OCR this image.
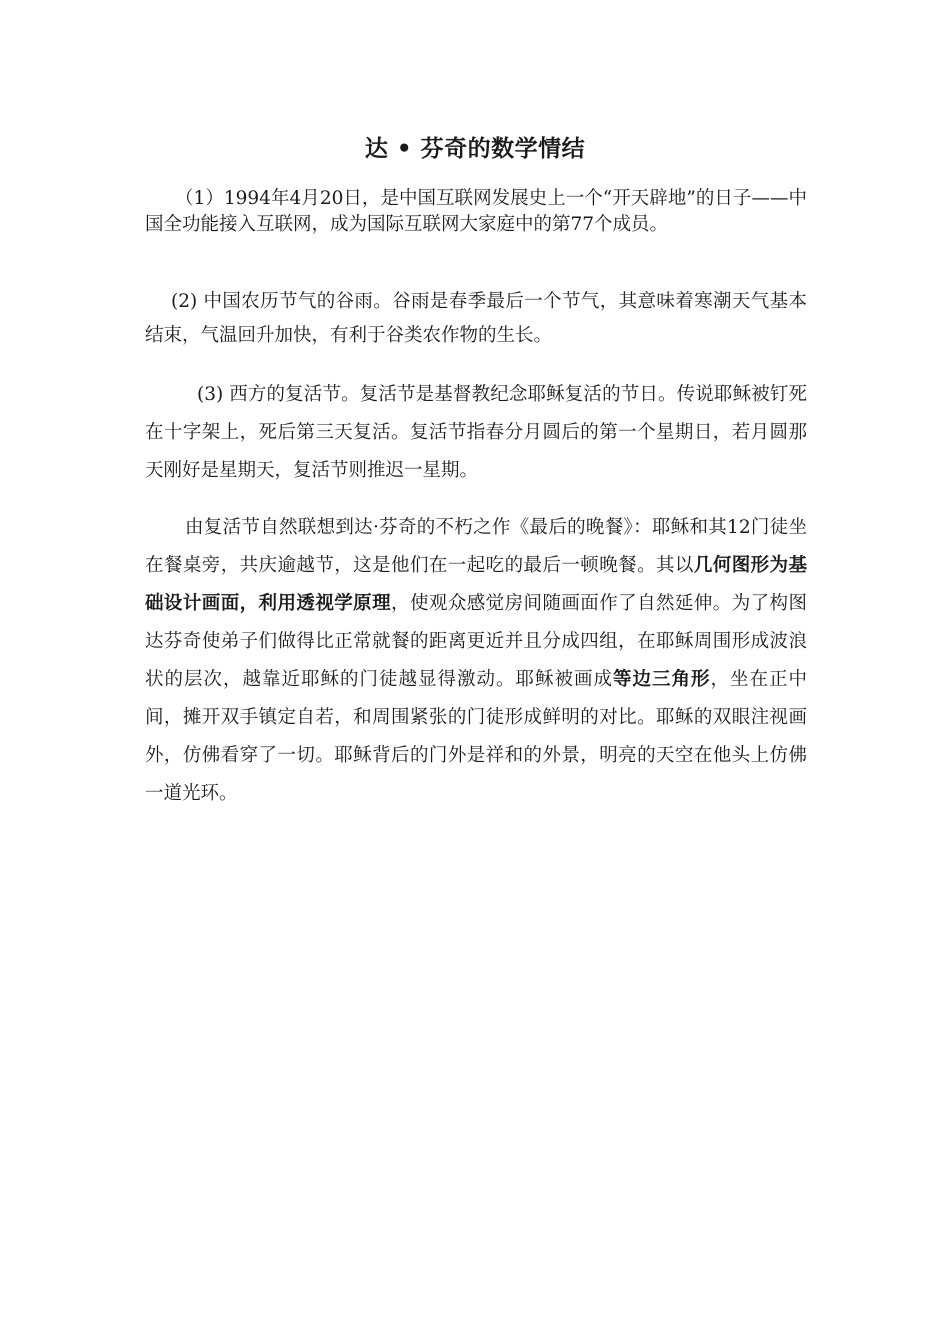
达 • 芬奇的数学情结

（1）1994年4月20日，是中国互联网发展史上一个“开天辟地”的日子——中国全功能接入互联网，成为国际互联网大家庭中的第77个成员。

(2) 中国农历节气的谷雨。谷雨是春季最后一个节气，其意味着寒潮天气基本结束，气温回升加快，有利于谷类农作物的生长。

(3) 西方的复活节。复活节是基督教纪念耶稣复活的节日。传说耶稣被钉死在十字架上，死后第三天复活。复活节指春分月圆后的第一个星期日，若月圆那天刚好是星期天，复活节则推迟一星期。

由复活节自然联想到达·芬奇的不朽之作《最后的晚餐》：耶稣和其12门徒坐在餐桌旁，共庆逾越节，这是他们在一起吃的最后一顿晚餐。其以几何图形为基础设计画面，利用透视学原理，使观众感觉房间随画面作了自然延伸。为了构图达芬奇使弟子们做得比正常就餐的距离更近并且分成四组，在耶稣周围形成波浪状的层次，越靠近耶稣的门徒越显得激动。耶稣被画成等边三角形，坐在正中间，摊开双手镇定自若，和周围紧张的门徒形成鲜明的对比。耶稣的双眼注视画外，仿佛看穿了一切。耶稣背后的门外是祥和的外景，明亮的天空在他头上仿佛一道光环。
